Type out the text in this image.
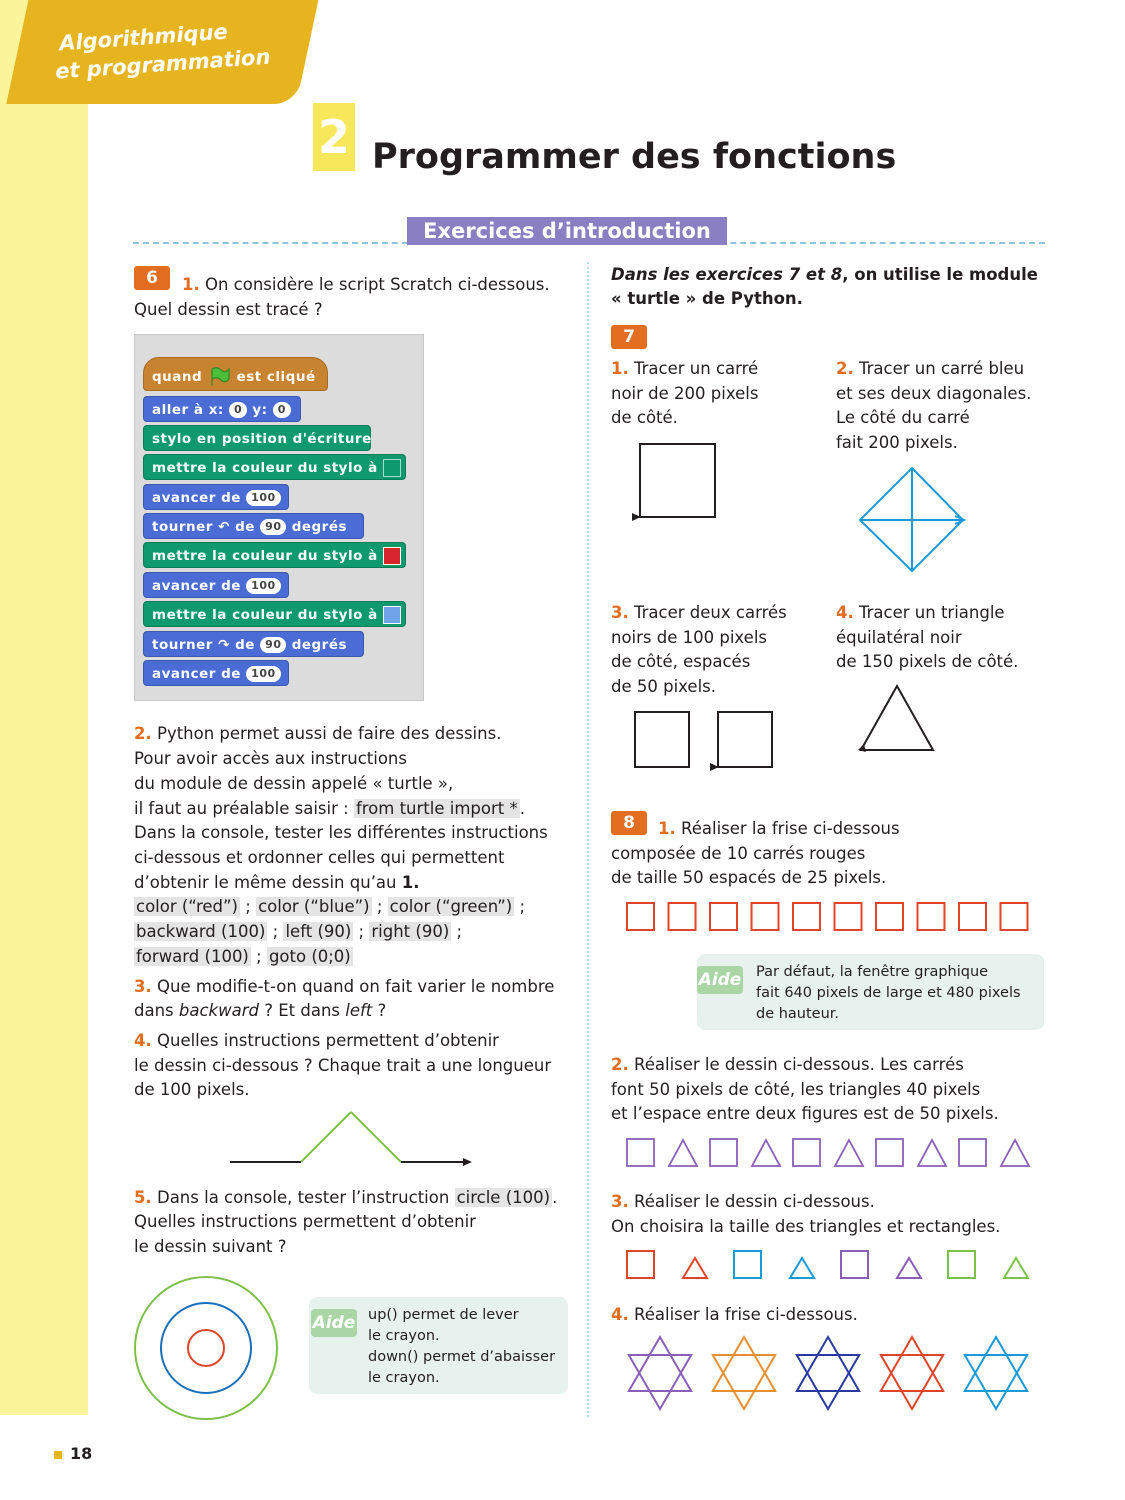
Algorithmique
et programmation
2 Programmer des fonctions
Exercices d’introduction
6	1. On considère le script Scratch ci-dessous.
Quel dessin est tracé ?
quand	est cliqué
aller à x: 0 y: 0
stylo en position d'écriture
mettre la couleur du stylo à
avancer de 100
tourner ↶ de 90 degrés
mettre la couleur du stylo à
avancer de 100
mettre la couleur du stylo à
tourner ↷ de 90 degrés
avancer de 100
2. Python permet aussi de faire des dessins.
Pour avoir accès aux instructions
du module de dessin appelé « turtle »,
il faut au préalable saisir : from turtle import * .
Dans la console, tester les différentes instructions
ci-dessous et ordonner celles qui permettent
d’obtenir le même dessin qu’au 1.
color (“red”) ; color (“blue”) ; color (“green”) ;
backward (100) ; left (90) ; right (90) ;
forward (100) ; goto (0;0)
3. Que modifie-t-on quand on fait varier le nombre
dans backward ? Et dans left ?
4. Quelles instructions permettent d’obtenir
le dessin ci-dessous ? Chaque trait a une longueur
de 100 pixels.
5. Dans la console, tester l’instruction circle (100) .
Quelles instructions permettent d’obtenir
le dessin suivant ?
Aide up() permet de lever
le crayon.
down() permet d’abaisser
le crayon.
Dans les exercices 7 et 8, on utilise le module
« turtle » de Python.
7
1. Tracer un carré
noir de 200 pixels
de côté.
2. Tracer un carré bleu
et ses deux diagonales.
Le côté du carré
fait 200 pixels.
3. Tracer deux carrés
noirs de 100 pixels
de côté, espacés
de 50 pixels.
4. Tracer un triangle
équilatéral noir
de 150 pixels de côté.
8	1. Réaliser la frise ci-dessous
composée de 10 carrés rouges
de taille 50 espacés de 25 pixels.
Aide Par défaut, la fenêtre graphique
fait 640 pixels de large et 480 pixels
de hauteur.
2. Réaliser le dessin ci-dessous. Les carrés
font 50 pixels de côté, les triangles 40 pixels
et l’espace entre deux figures est de 50 pixels.
3. Réaliser le dessin ci-dessous.
On choisira la taille des triangles et rectangles.
4. Réaliser la frise ci-dessous.
18
